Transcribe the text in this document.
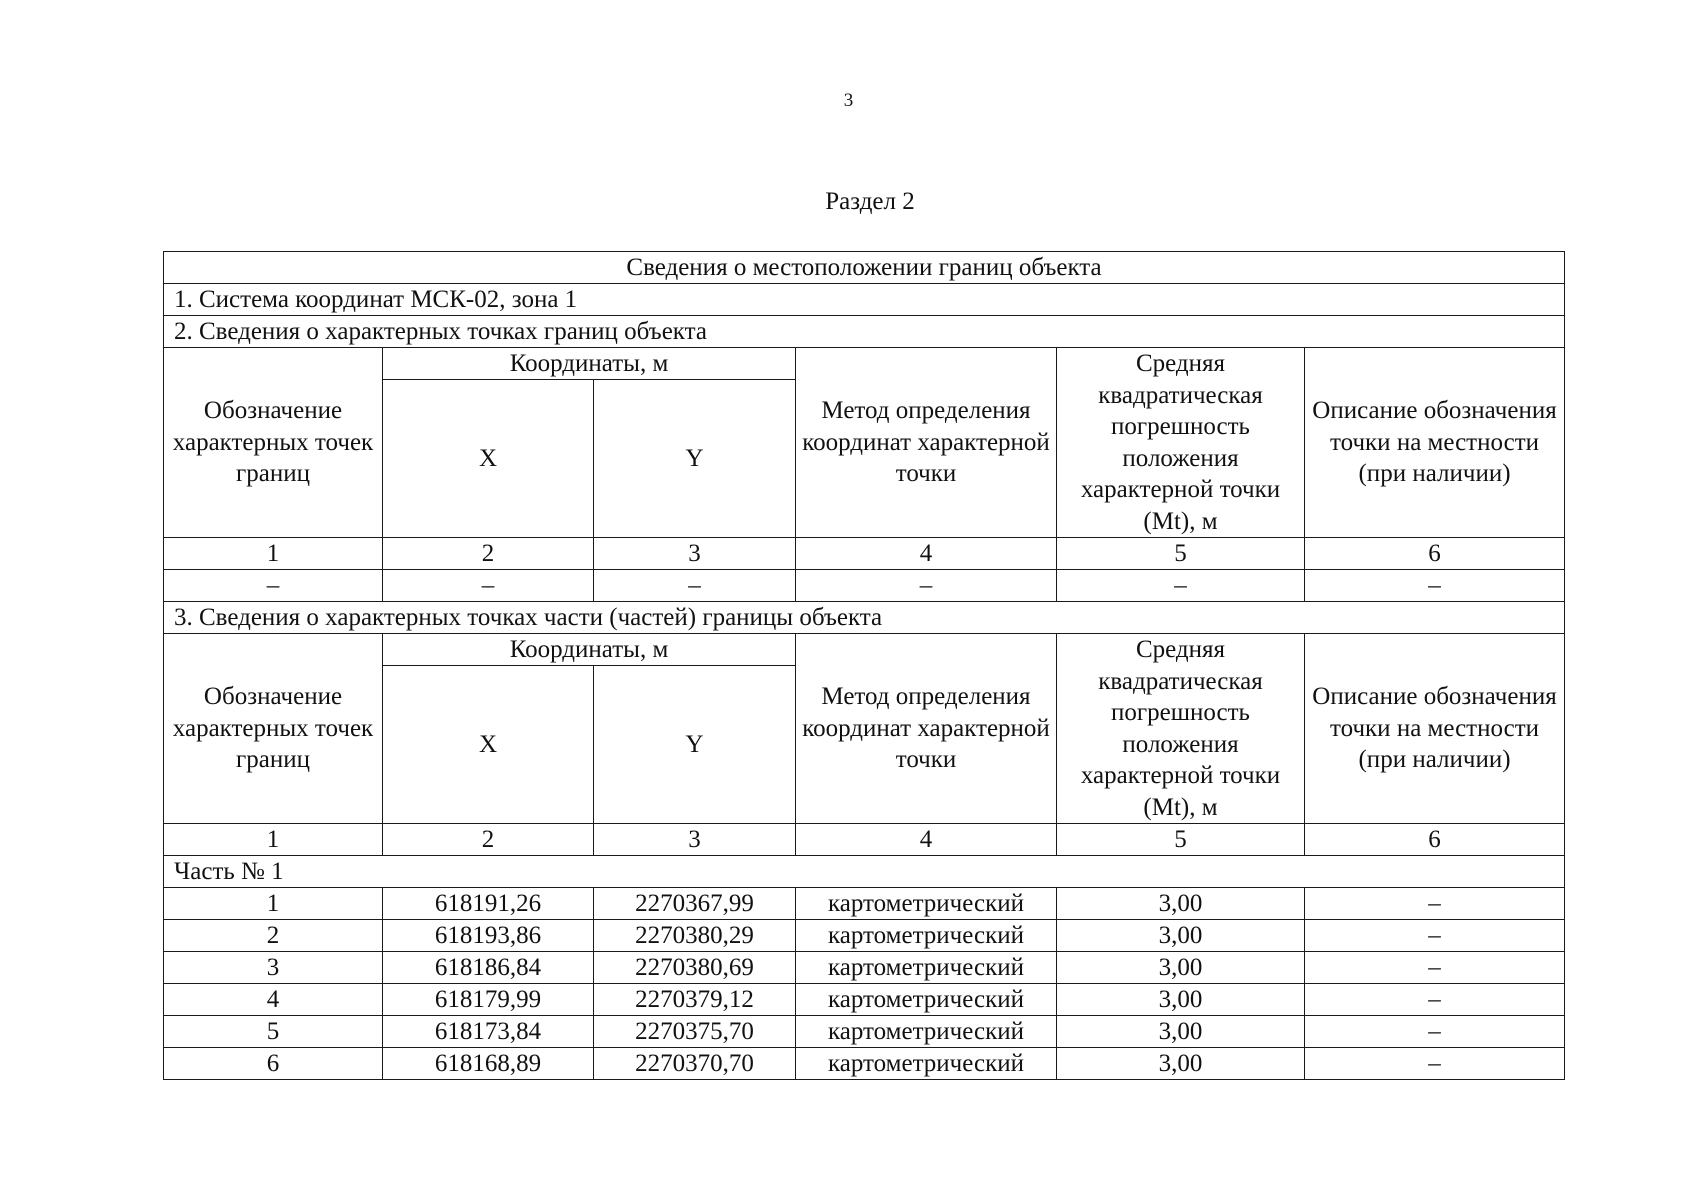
3
Раздел 2
Сведения о местоположении границ объекта					
1. Система координат МСК-02, зона 1					
2. Сведения о характерных точках границ объекта					
Обозначение характерных точек границ	Координаты, м		Метод определения координат характерной точки	Средняя квадратическая погрешность положения характерной точки (Mt), м	Описание обозначения точки на местности (при наличии)
	X	Y			
1	2	3	4	5	6
–	–	–	–	–	–
3. Сведения о характерных точках части (частей) границы объекта					
Обозначение характерных точек границ	Координаты, м		Метод определения координат характерной точки	Средняя квадратическая погрешность положения характерной точки (Mt), м	Описание обозначения точки на местности (при наличии)
	X	Y			
1	2	3	4	5	6
Часть № 1					
1	618191,26	2270367,99	картометрический	3,00	–
2	618193,86	2270380,29	картометрический	3,00	–
3	618186,84	2270380,69	картометрический	3,00	–
4	618179,99	2270379,12	картометрический	3,00	–
5	618173,84	2270375,70	картометрический	3,00	–
6	618168,89	2270370,70	картометрический	3,00	–
